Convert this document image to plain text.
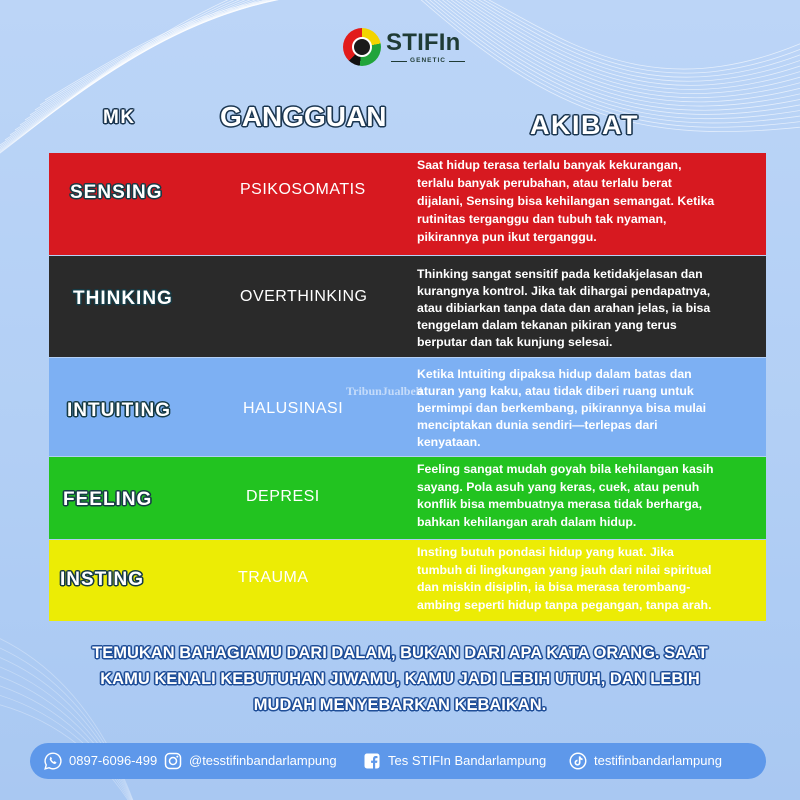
STIFIn
GENETIC
MK	GANGGUAN	AKIBAT
SENSING	PSIKOSOMATIS
Saat hidup terasa terlalu banyak kekurangan,
terlalu banyak perubahan, atau terlalu berat
dijalani, Sensing bisa kehilangan semangat. Ketika
rutinitas terganggu dan tubuh tak nyaman,
pikirannya pun ikut terganggu.
THINKING	OVERTHINKING
Thinking sangat sensitif pada ketidakjelasan dan
kurangnya kontrol. Jika tak dihargai pendapatnya,
atau dibiarkan tanpa data dan arahan jelas, ia bisa
tenggelam dalam tekanan pikiran yang terus
berputar dan tak kunjung selesai.
INTUITING	HALUSINASI
Ketika Intuiting dipaksa hidup dalam batas dan
aturan yang kaku, atau tidak diberi ruang untuk
bermimpi dan berkembang, pikirannya bisa mulai
menciptakan dunia sendiri—terlepas dari
kenyataan.
FEELING	DEPRESI
Feeling sangat mudah goyah bila kehilangan kasih
sayang. Pola asuh yang keras, cuek, atau penuh
konflik bisa membuatnya merasa tidak berharga,
bahkan kehilangan arah dalam hidup.
INSTING	TRAUMA
Insting butuh pondasi hidup yang kuat. Jika
tumbuh di lingkungan yang jauh dari nilai spiritual
dan miskin disiplin, ia bisa merasa terombang-
ambing seperti hidup tanpa pegangan, tanpa arah.
TribunJualbeli
TEMUKAN BAHAGIAMU DARI DALAM, BUKAN DARI APA KATA ORANG. SAAT
KAMU KENALI KEBUTUHAN JIWAMU, KAMU JADI LEBIH UTUH, DAN LEBIH
MUDAH MENYEBARKAN KEBAIKAN.
0897-6096-499 @tesstifinbandarlampung	Tes STIFIn Bandarlampung	testifinbandarlampung
